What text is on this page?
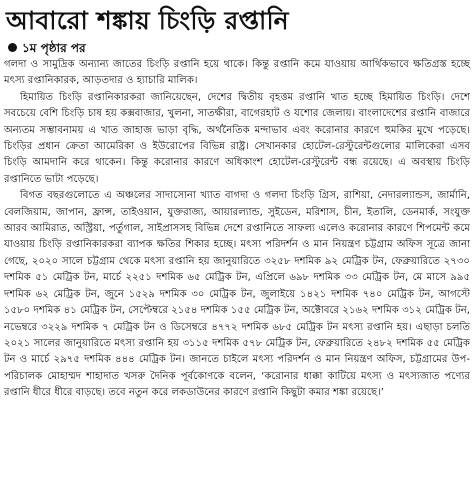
আবারো শঙ্কায় চিংড়ি রপ্তানি
১ম পৃষ্ঠার পর

গলদা ও সামুদ্রিক অন্যান্য জাতের চিংড়ি রপ্তানি হয়ে থাকে। কিন্তু রপ্তানি কমে যাওয়ায় আর্থিকভাবে ক্ষতিগ্রস্ত হচ্ছে মৎস্য রপ্তানিকারক, আড়তদার ও হ্যাচারি মালিক।

হিমায়িত চিংড়ি রপ্তানিকারকরা জানিয়েছেন, দেশের দ্বিতীয় বৃহত্তম রপ্তানি খাত হচ্ছে হিমায়িত চিংড়ি। দেশে সবচেয়ে বেশি চিংড়ি চাষ হয় কক্সবাজার, খুলনা, সাতক্ষীরা, বাগেরহাট ও যশোর জেলায়। বাংলাদেশের রপ্তানি বাজারে অন্যতম সম্ভাবনাময় এ খাত জাহাজ ভাড়া বৃদ্ধি, অর্থনৈতিক মন্দাভাব এবং করোনার কারণে হুমকির মুখে পড়েছে। চিংড়ির প্রধান ক্রেতা আমেরিকা ও ইউরোপের বিভিন্ন রাষ্ট্র। সেখানকার হোটেল-রেস্টুরেন্টগুলোর মালিকেরা এসব চিংড়ি আমদানি করে থাকেন। কিন্তু করোনার কারণে অধিকাংশ হোটেল-রেস্টুরেন্ট বন্ধ রয়েছে। এ অবস্থায় চিংড়ি রপ্তানিতে ভাটা পড়েছে।

বিগত বছরগুলোতে এ অঞ্চলের সাদাসোনা খ্যাত বাগদা ও গলদা চিংড়ি গ্রিস, রাশিয়া, নেদারল্যান্ডস, জার্মানি, বেলজিয়াম, জাপান, ফ্রান্স, তাইওয়ান, যুক্তরাজ্য, আয়ারল্যান্ড, সুইডেন, মরিশাস, চীন, ইতালি, ডেনমার্ক, সংযুক্ত আরব আমিরাত, অস্ট্রিয়া, পর্তুগাল, সাইপ্রাসসহ বিভিন্ন দেশে রপ্তানিতে সাফল্য এলেও করোনার কারণে শিপমেন্ট কমে যাওয়ায় চিংড়ি রপ্তানিকারকরা ব্যাপক ক্ষতির শিকার হচ্ছে। মৎস্য পরিদর্শন ও মান নিয়ন্ত্রণ চট্টগ্রাম অফিস সূত্রে জানা গেছে, ২০২০ সালে চট্টগ্রাম থেকে মৎস্য রপ্তানি হয় জানুয়ারিতে ৩২৫৮ দশমিক ৯২ মেট্রিক টন, ফেব্রুয়ারিতে ২৭৩০ দশমিক ৫১ মেট্রিক টন, মার্চে ২২৫১ দশমিক ৬৫ মেট্রিক টন, এপ্রিলে ৬৯৮ দশমিক ৩৩ মেট্রিক টন, মে মাসে ৯৯৫ দশমিক ৬২ মেট্রিক টন, জুনে ১৫২৯ দশমিক ৩০ মেট্রিক টন, জুলাইয়ে ১৪২১ দশমিক ৭৪০ মেট্রিক টন, আগস্টে ১৫৮০ দশমিক ৪১ মেট্রিক টন, সেপ্টেম্বরে ২১৫৪ দশমিক ১৫৫ মেট্রিক টন, অক্টোবরে ২১৬২ দশমিক ৩১২ মেট্রিক টন, নভেম্বরে ৩২২৯ দশমিক ৭ মেট্রিক টন ও ডিসেম্বরে ৪৭৭২ দশমিক ৬৮৫ মেট্রিক টন মৎস্য রপ্তানি হয়। এছাড়া চলতি ২০২১ সালের জানুয়ারিতে মৎস্য রপ্তানি হয় ৩১১৫ দশমিক ৫৭৮ মেট্রিক টন, ফেব্রুয়ারিতে ২৪৮২ দশমিক ৫৫ মেট্রিক টন ও মার্চে ২৯৭৫ দশমিক ৪৪৪ মেট্রিক টন। জানতে চাইলে মৎস্য পরিদর্শন ও মান নিয়ন্ত্রণ অফিস, চট্টগ্রামের উপ-পরিচালক মোহাম্মদ শাহাদাত খসরু দৈনিক পূর্বকোণকে বলেন, ‘করোনার ধাক্কা কাটিয়ে মৎস্য ও মৎস্যজাত পণ্যের রপ্তানি ধীরে ধীরে বাড়ছে। তবে নতুন করে লকডাউনের কারণে রপ্তানি কিছুটা কমার শঙ্কা রয়েছে।’
